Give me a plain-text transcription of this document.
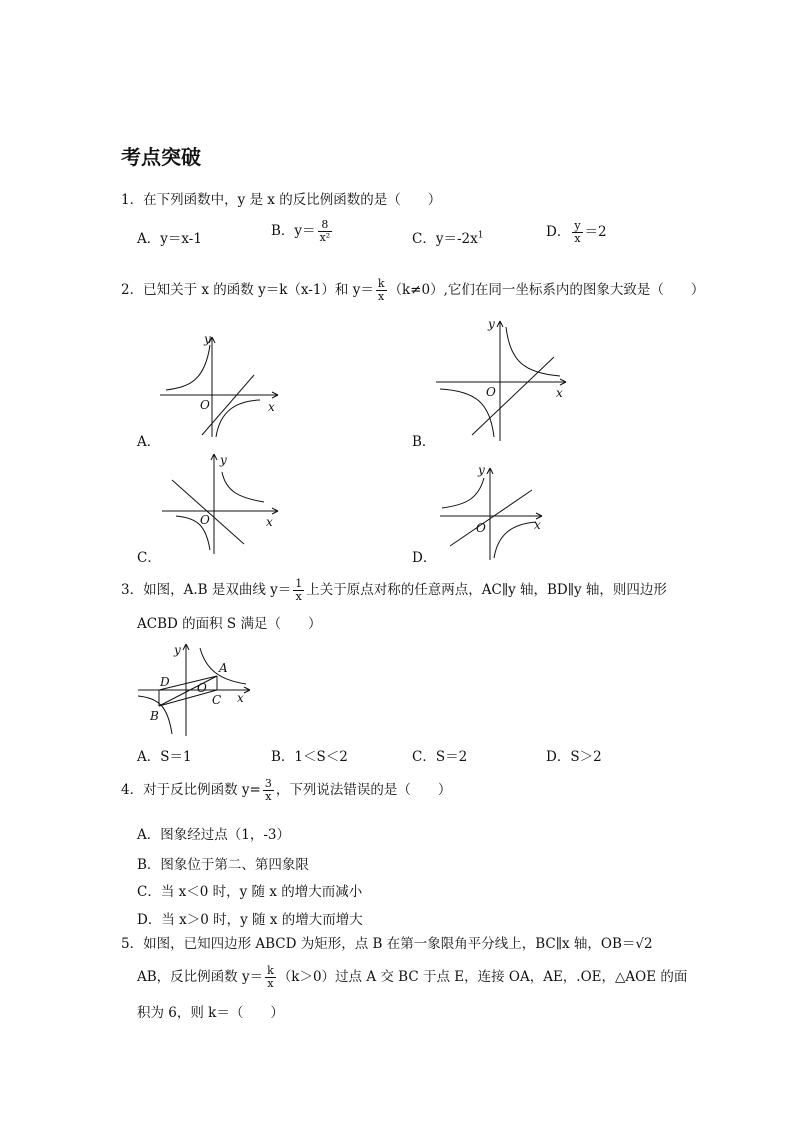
考点突破
1．在下列函数中，y 是 x 的反比例函数的是（　　）
A．y＝x-1	B．$y= \frac{8}{\text{x²}}$	C．$y=-2x^1$	D． $\frac{y}{x} =2$
2．已知关于 x 的函数 y＝k（x-1）和 $y= \frac{k}{x} (k\ne 0)$,它们在同一坐标系内的图象大致是（　　）
x
y
O
A．
x
y
O
B．
x
y
O
C．
x
y
O
D．
3．如图，A.B 是双曲线 $y= \frac{1}{x}$ 上关于原点对称的任意两点，AC∥y 轴，BD∥y 轴，则四边形
ACBD 的面积 S 满足（　　）
A
B
C
D O
y
x
A．S＝1	B．1＜S＜2	C．S＝2	D．S＞2
4．对于反比例函数 $y= \frac{3}{x}$ ，下列说法错误的是（　　）
A．图象经过点（1，-3）
B．图象位于第二、第四象限
C．当 x＜0 时，y 随 x 的增大而减小
D．当 x＞0 时，y 随 x 的增大而增大
5．如图，已知四边形 ABCD 为矩形，点 B 在第一象限角平分线上，BC∥x 轴，OB＝√2
AB，反比例函数 $y= \frac{k}{x} (k>0)$过点 A 交 BC 于点 E，连接 OA，AE，.OE，△AOE 的面
积为 6，则 k＝（　　）
